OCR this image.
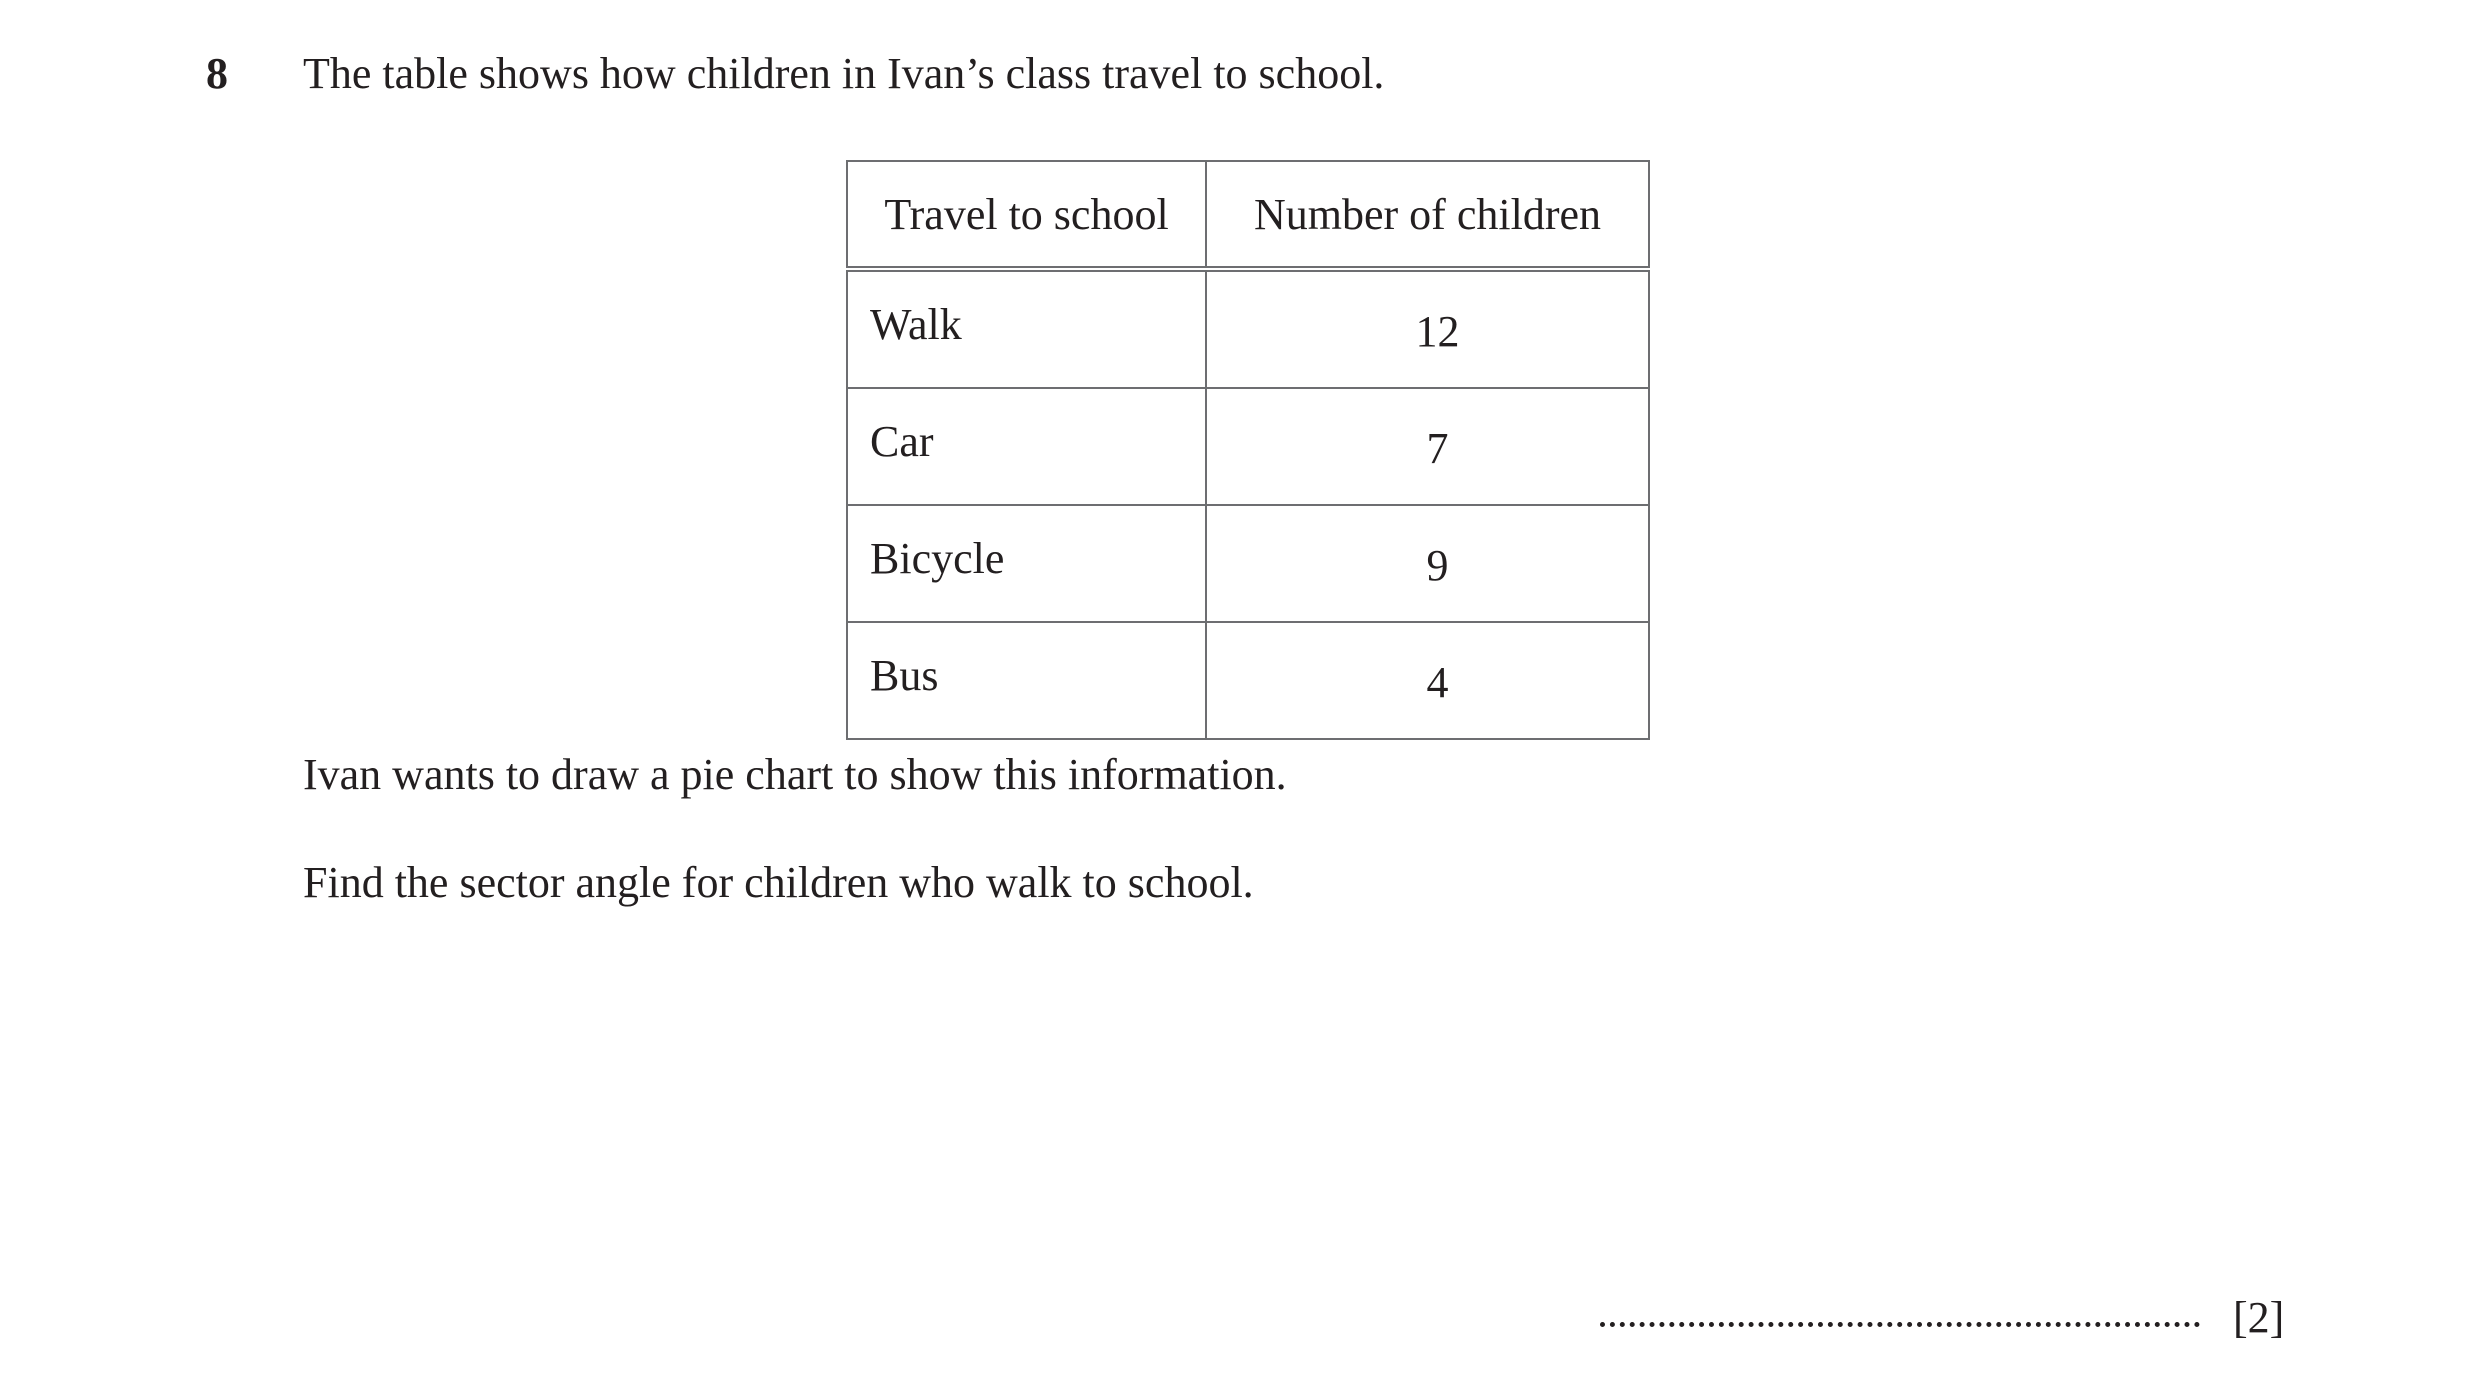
8 The table shows how children in Ivan’s class travel to school.
Travel to school	Number of children
Walk	12
Car	7
Bicycle	9
Bus	4
Ivan wants to draw a pie chart to show this information.
Find the sector angle for children who walk to school.
[2]
